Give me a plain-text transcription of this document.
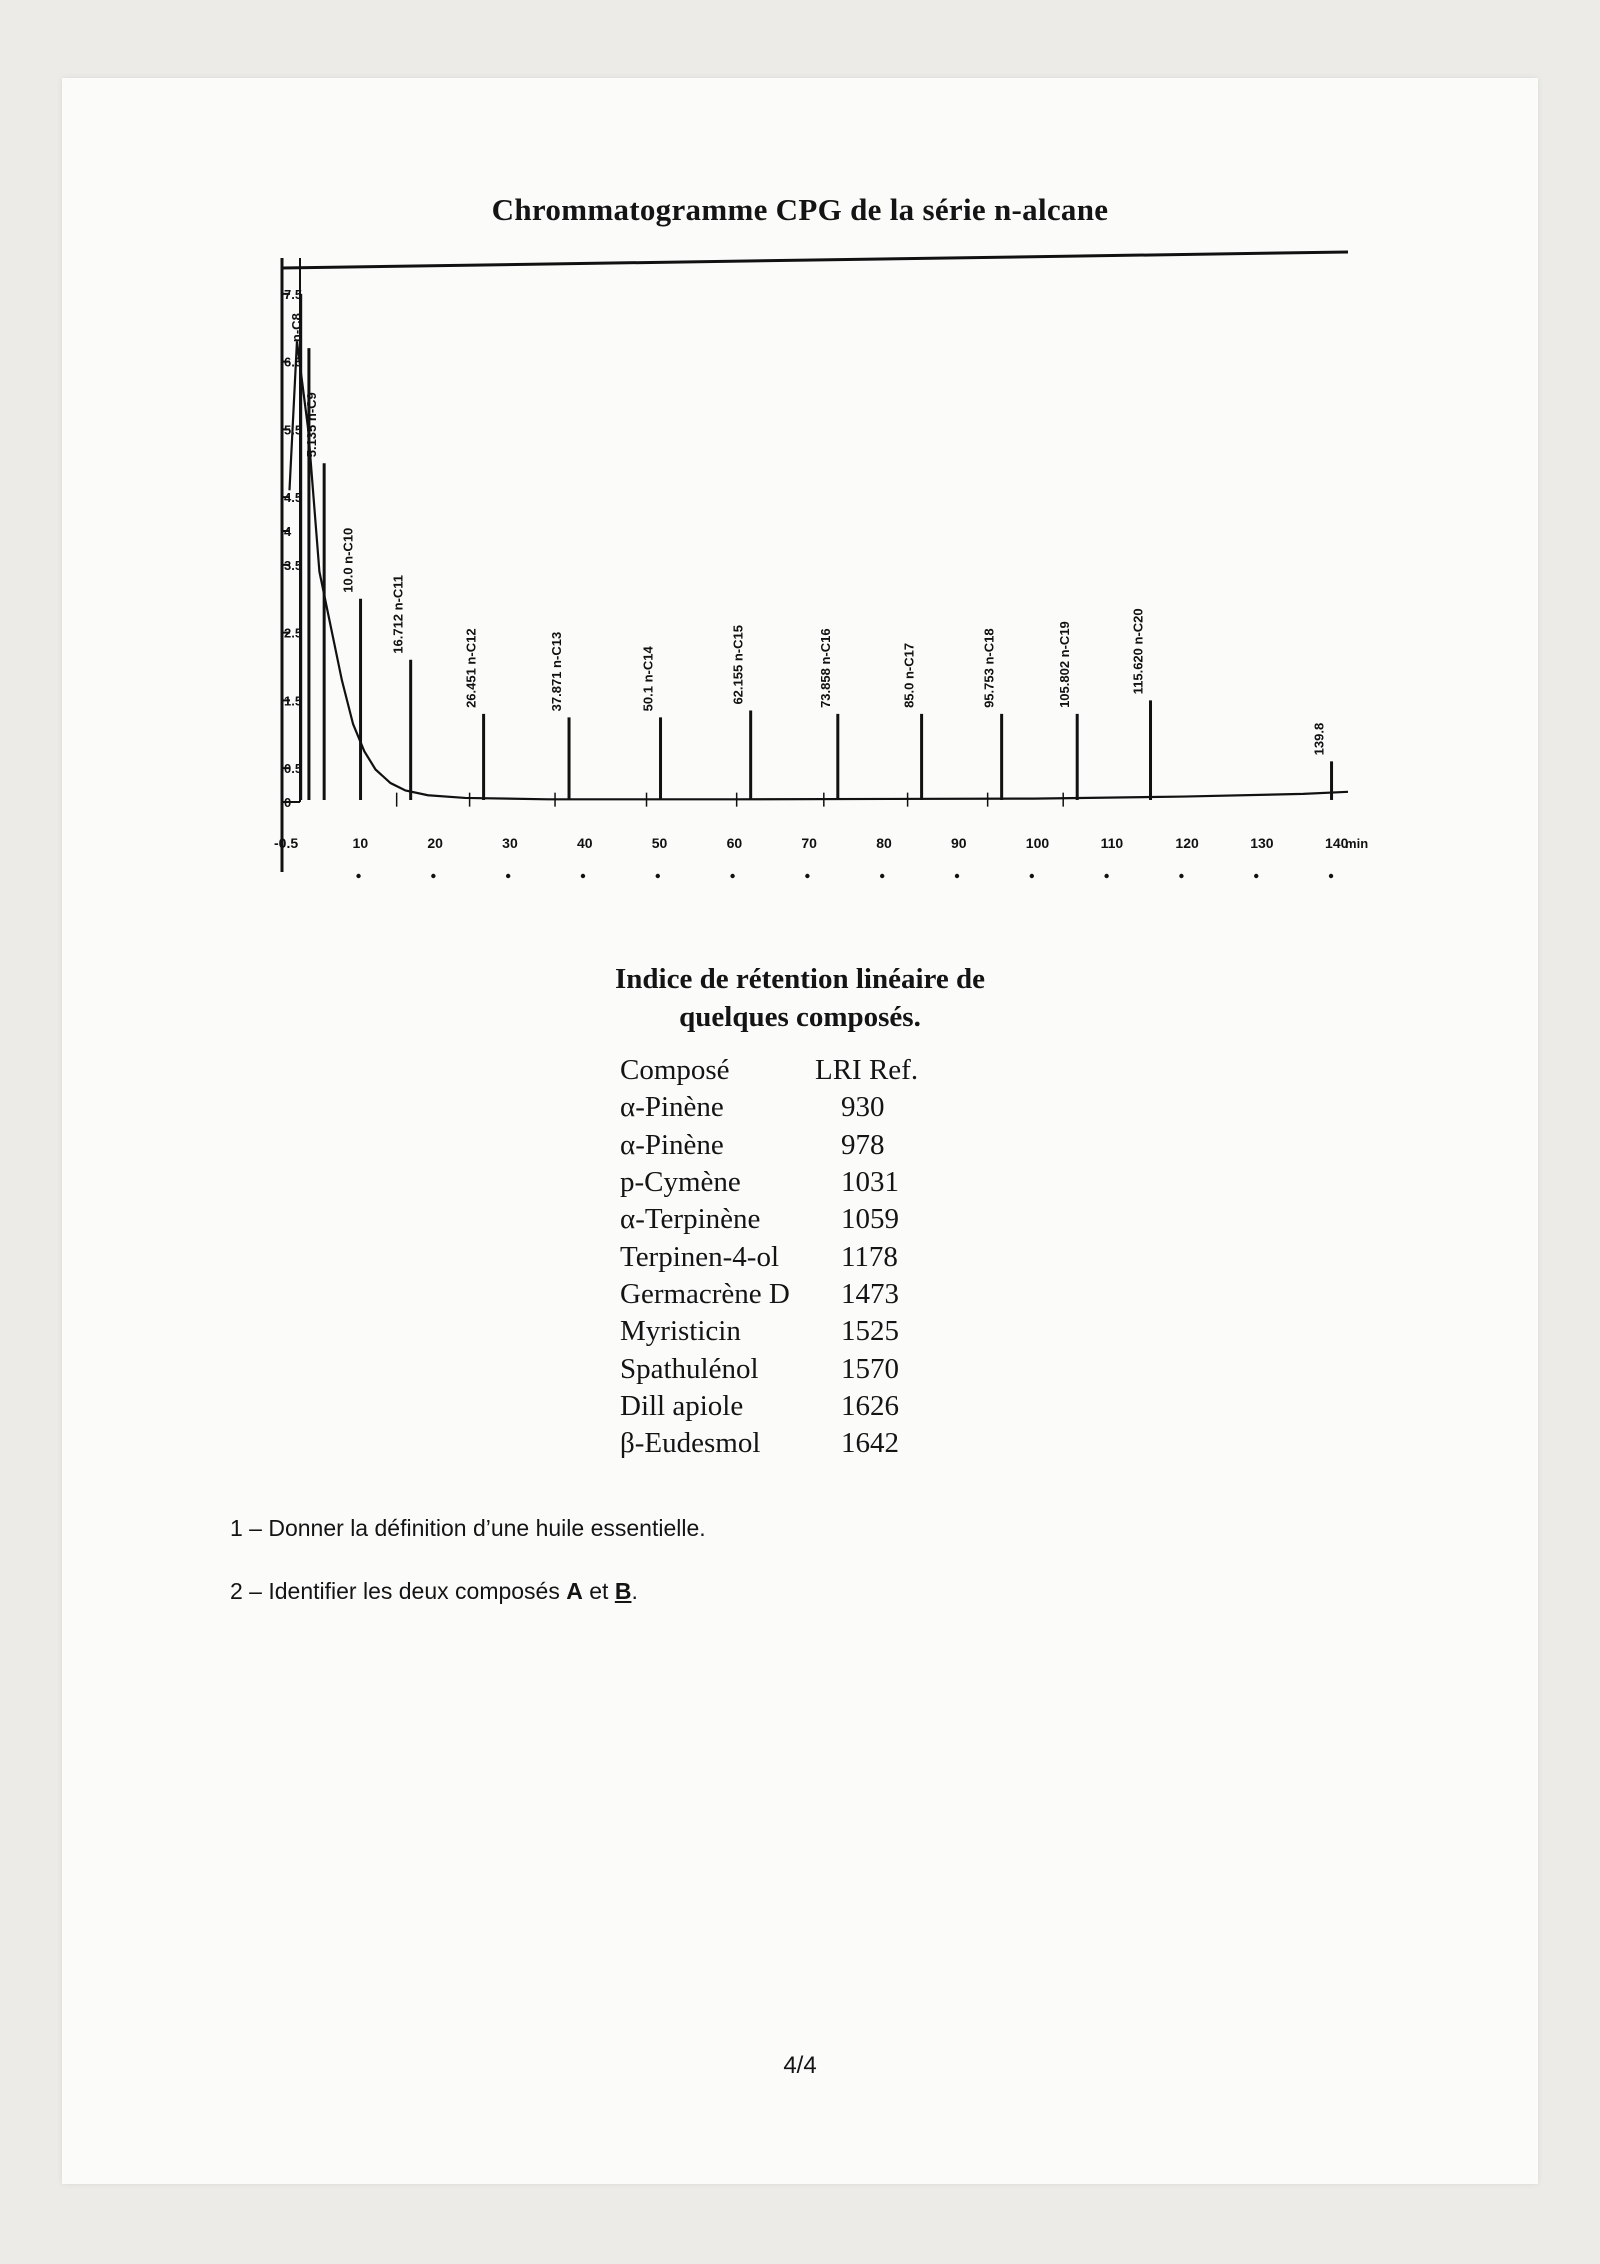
Chrommatogramme CPG de la série n-alcane
7.5
6.5
5.5
4.5
4
3.5
2.5
1.5
0.5
0
-0.5	10	20	30	40	50	60	70	80	90	100	110	120	130	140
min
n-C8
5.135 n-C9
10.0 n-C10
16.712 n-C11
26.451 n-C12	37.871 n-C13	50.1 n-C14	62.155 n-C15	73.858 n-C16	85.0 n-C17	95.753 n-C18	105.802 n-C19	115.620 n-C20
139.8
Indice de rétention linéaire de
quelques composés.
Composé	LRI Ref.
α-Pinène	930
α-Pinène	978
p-Cymène	1031
α-Terpinène	1059
Terpinen-4-ol	1178
Germacrène D	1473
Myristicin	1525
Spathulénol	1570
Dill apiole	1626
β-Eudesmol	1642
1 – Donner la définition d’une huile essentielle.
2 – Identifier les deux composés A et B.
4/4
